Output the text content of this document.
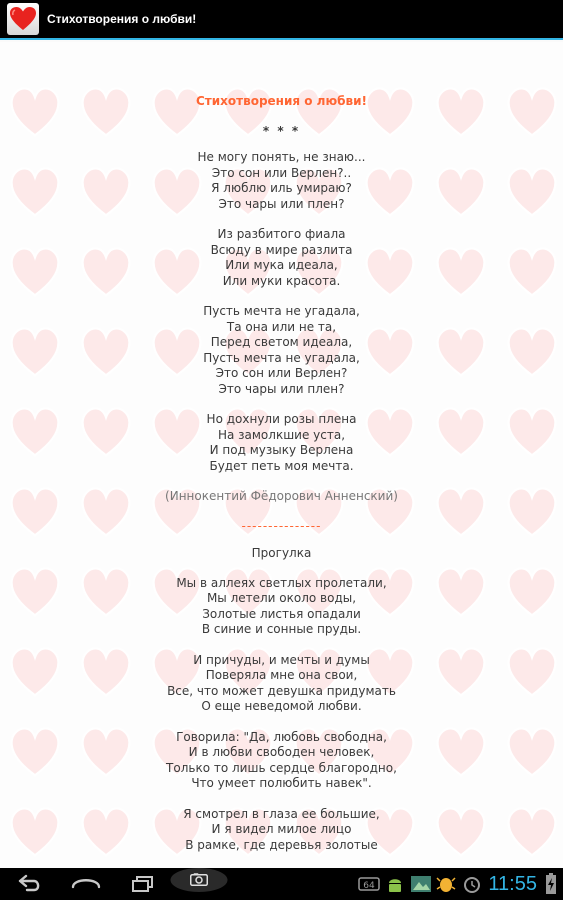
Стихотворения о любви!
Стихотворения о любви!
* * *
Не могу понять, не знаю...
Это сон или Верлен?..
Я люблю иль умираю?
Это чары или плен?
Из разбитого фиала
Всюду в мире разлита
Или мука идеала,
Или муки красота.
Пусть мечта не угадала,
Та она или не та,
Перед светом идеала,
Пусть мечта не угадала,
Это сон или Верлен?
Это чары или плен?
Но дохнули розы плена
На замолкшие уста,
И под музыку Верлена
Будет петь моя мечта.
(Иннокентий Фёдорович Анненский)
---------------
Прогулка
Мы в аллеях светлых пролетали,
Мы летели около воды,
Золотые листья опадали
В синие и сонные пруды.
И причуды, и мечты и думы
Поверяла мне она свои,
Все, что может девушка придумать
О еще неведомой любви.
Говорила: "Да, любовь свободна,
И в любви свободен человек,
Только то лишь сердце благородно,
Что умеет полюбить навек".
Я смотрел в глаза ее большие,
И я видел милое лицо
В рамке, где деревья золотые
64	11:55
